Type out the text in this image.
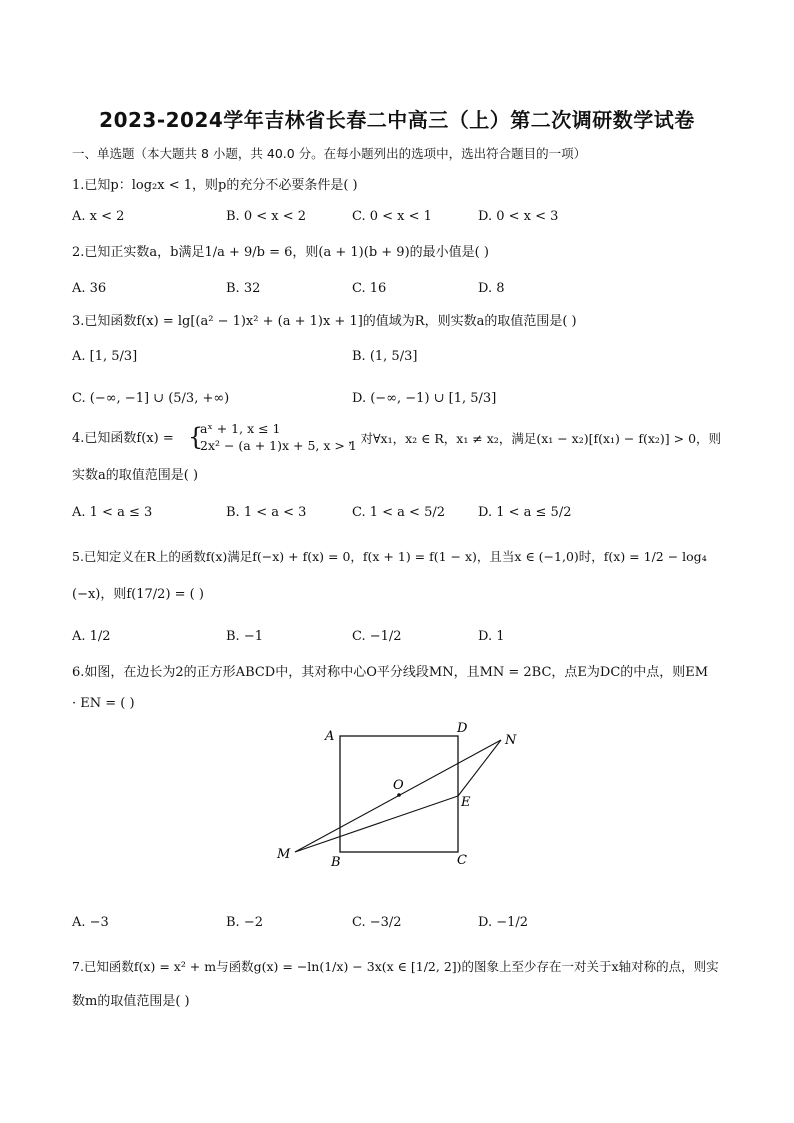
2023-2024学年吉林省长春二中高三（上）第二次调研数学试卷
一、单选题（本大题共 8 小题，共 40.0 分。在每小题列出的选项中，选出符合题目的一项）
1.已知p：log₂x < 1，则p的充分不必要条件是( )
A. x < 2	B. 0 < x < 2	C. 0 < x < 1	D. 0 < x < 3
2.已知正实数a，b满足1/a + 9/b = 6，则(a + 1)(b + 9)的最小值是( )
A. 36	B. 32	C. 16	D. 8
3.已知函数f(x) = lg[(a² − 1)x² + (a + 1)x + 1]的值域为R，则实数a的取值范围是( )
A. [1, 5/3]	B. (1, 5/3]
C. (−∞, −1] ∪ (5/3, +∞)	D. (−∞, −1) ∪ [1, 5/3]
4.已知函数f(x) = {
aˣ + 1, x ≤ 1
2x² − (a + 1)x + 5, x > 1
，对∀x₁，x₂ ∈ R，x₁ ≠ x₂，满足(x₁ − x₂)[f(x₁) − f(x₂)] > 0，则
实数a的取值范围是( )
A. 1 < a ≤ 3	B. 1 < a < 3	C. 1 < a < 5/2	D. 1 < a ≤ 5/2
5.已知定义在R上的函数f(x)满足f(−x) + f(x) = 0，f(x + 1) = f(1 − x)，且当x ∈ (−1,0)时，f(x) = 1/2 − log₄
(−x)，则f(17/2) = ( )
A. 1/2	B. −1	C. −1/2	D. 1
6.如图，在边长为2的正方形ABCD中，其对称中心O平分线段MN，且MN = 2BC，点E为DC的中点，则EM
· EN = ( )
A
B	C
D
O
E
M
N
A. −3	B. −2	C. −3/2	D. −1/2
7.已知函数f(x) = x² + m与函数g(x) = −ln(1/x) − 3x(x ∈ [1/2, 2])的图象上至少存在一对关于x轴对称的点，则实
数m的取值范围是( )
